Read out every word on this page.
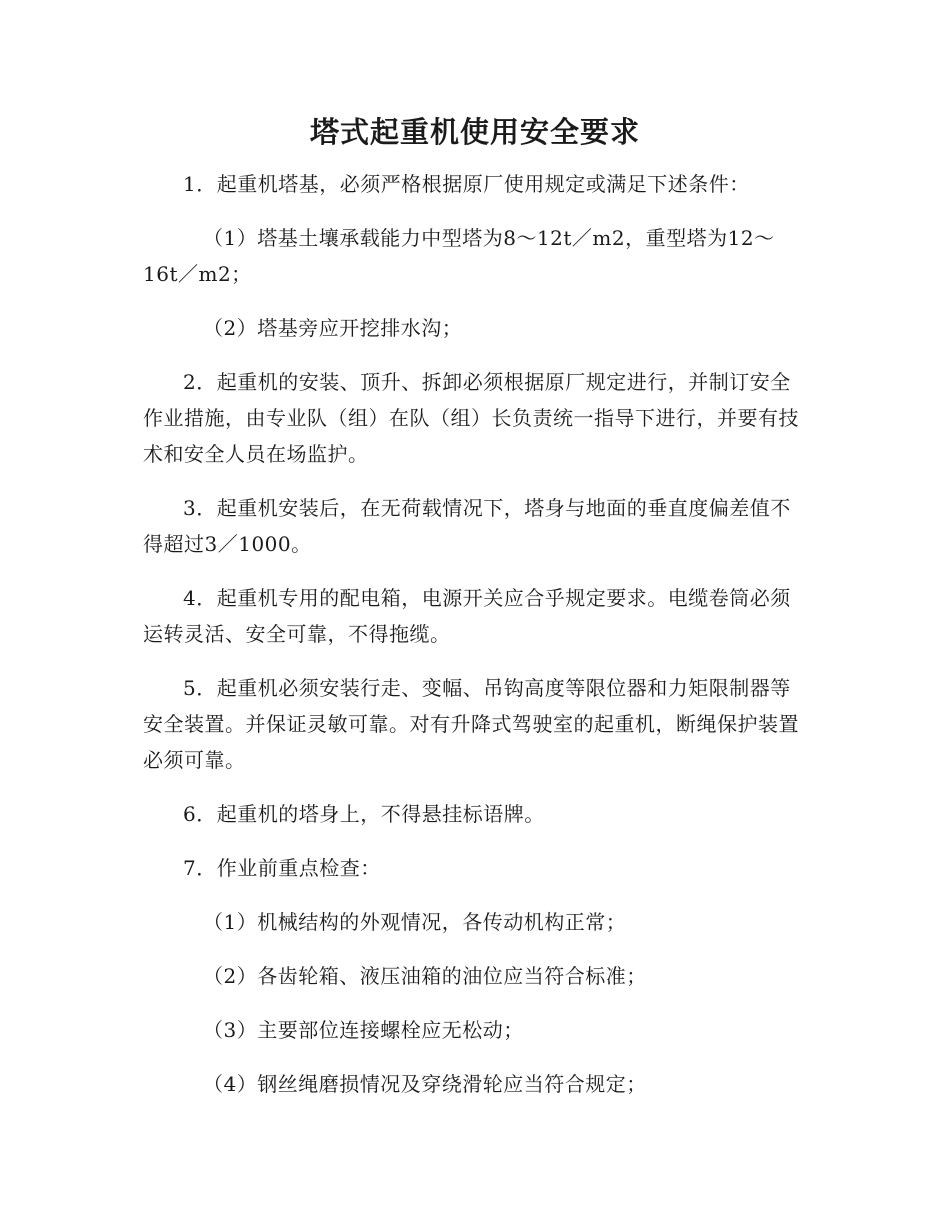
塔式起重机使用安全要求
1．起重机塔基，必须严格根据原厂使用规定或满足下述条件：
（1）塔基土壤承载能力中型塔为8～12t／m2，重型塔为12～16t／m2；
（2）塔基旁应开挖排水沟；
2．起重机的安装、顶升、拆卸必须根据原厂规定进行，并制订安全作业措施，由专业队（组）在队（组）长负责统一指导下进行，并要有技术和安全人员在场监护。
3．起重机安装后，在无荷载情况下，塔身与地面的垂直度偏差值不得超过3／1000。
4．起重机专用的配电箱，电源开关应合乎规定要求。电缆卷筒必须运转灵活、安全可靠，不得拖缆。
5．起重机必须安装行走、变幅、吊钩高度等限位器和力矩限制器等安全装置。并保证灵敏可靠。对有升降式驾驶室的起重机，断绳保护装置必须可靠。
6．起重机的塔身上，不得悬挂标语牌。
7．作业前重点检查：
（1）机械结构的外观情况，各传动机构正常；
（2）各齿轮箱、液压油箱的油位应当符合标准；
（3）主要部位连接螺栓应无松动；
（4）钢丝绳磨损情况及穿绕滑轮应当符合规定；
